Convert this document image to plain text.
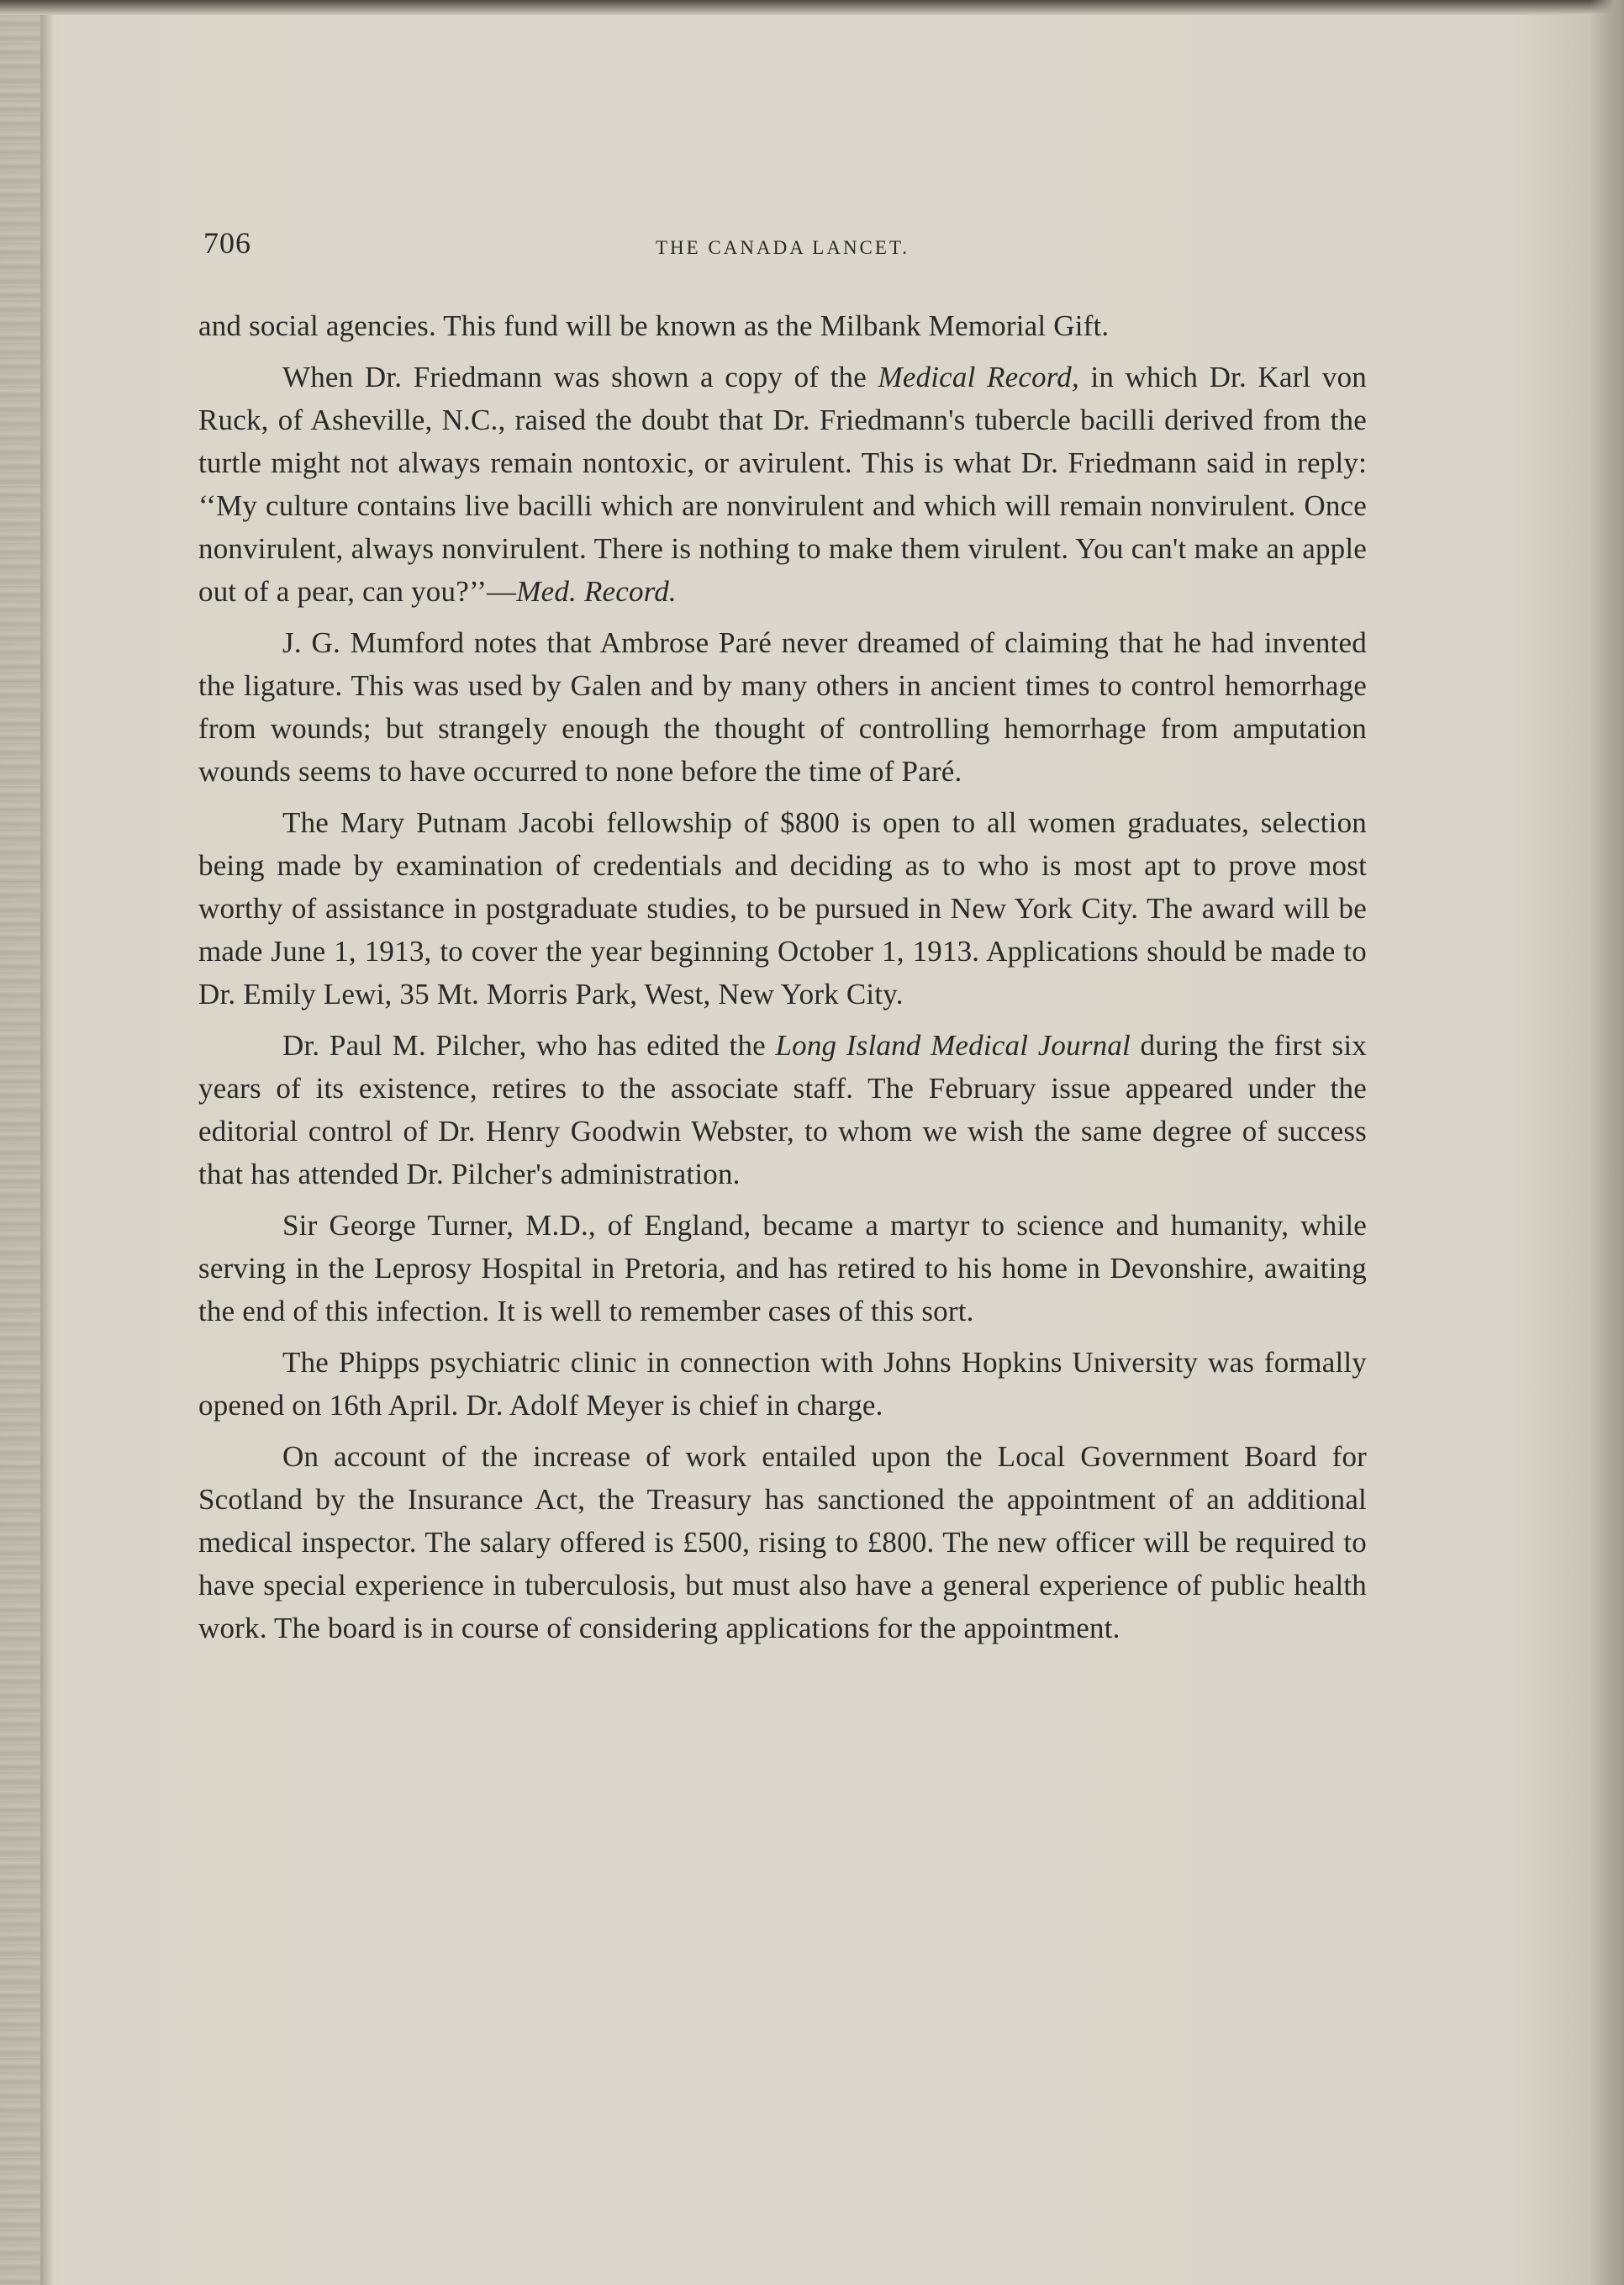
706	THE CANADA LANCET.

and social agencies. This fund will be known as the Milbank Memorial Gift.

When Dr. Friedmann was shown a copy of the Medical Record, in which Dr. Karl von Ruck, of Asheville, N.C., raised the doubt that Dr. Friedmann's tubercle bacilli derived from the turtle might not always remain nontoxic, or avirulent. This is what Dr. Friedmann said in reply: ‘‘My culture contains live bacilli which are nonvirulent and which will remain nonvirulent. Once nonvirulent, always nonvirulent. There is nothing to make them virulent. You can't make an apple out of a pear, can you?’’—Med. Record.

J. G. Mumford notes that Ambrose Paré never dreamed of claiming that he had invented the ligature. This was used by Galen and by many others in ancient times to control hemorrhage from wounds; but strangely enough the thought of controlling hemorrhage from amputation wounds seems to have occurred to none before the time of Paré.

The Mary Putnam Jacobi fellowship of $800 is open to all women graduates, selection being made by examination of credentials and deciding as to who is most apt to prove most worthy of assistance in postgraduate studies, to be pursued in New York City. The award will be made June 1, 1913, to cover the year beginning October 1, 1913. Applications should be made to Dr. Emily Lewi, 35 Mt. Morris Park, West, New York City.

Dr. Paul M. Pilcher, who has edited the Long Island Medical Journal during the first six years of its existence, retires to the associate staff. The February issue appeared under the editorial control of Dr. Henry Goodwin Webster, to whom we wish the same degree of success that has attended Dr. Pilcher's administration.

Sir George Turner, M.D., of England, became a martyr to science and humanity, while serving in the Leprosy Hospital in Pretoria, and has retired to his home in Devonshire, awaiting the end of this infection. It is well to remember cases of this sort.

The Phipps psychiatric clinic in connection with Johns Hopkins University was formally opened on 16th April. Dr. Adolf Meyer is chief in charge.

On account of the increase of work entailed upon the Local Government Board for Scotland by the Insurance Act, the Treasury has sanctioned the appointment of an additional medical inspector. The salary offered is £500, rising to £800. The new officer will be required to have special experience in tuberculosis, but must also have a general experience of public health work. The board is in course of considering applications for the appointment.
